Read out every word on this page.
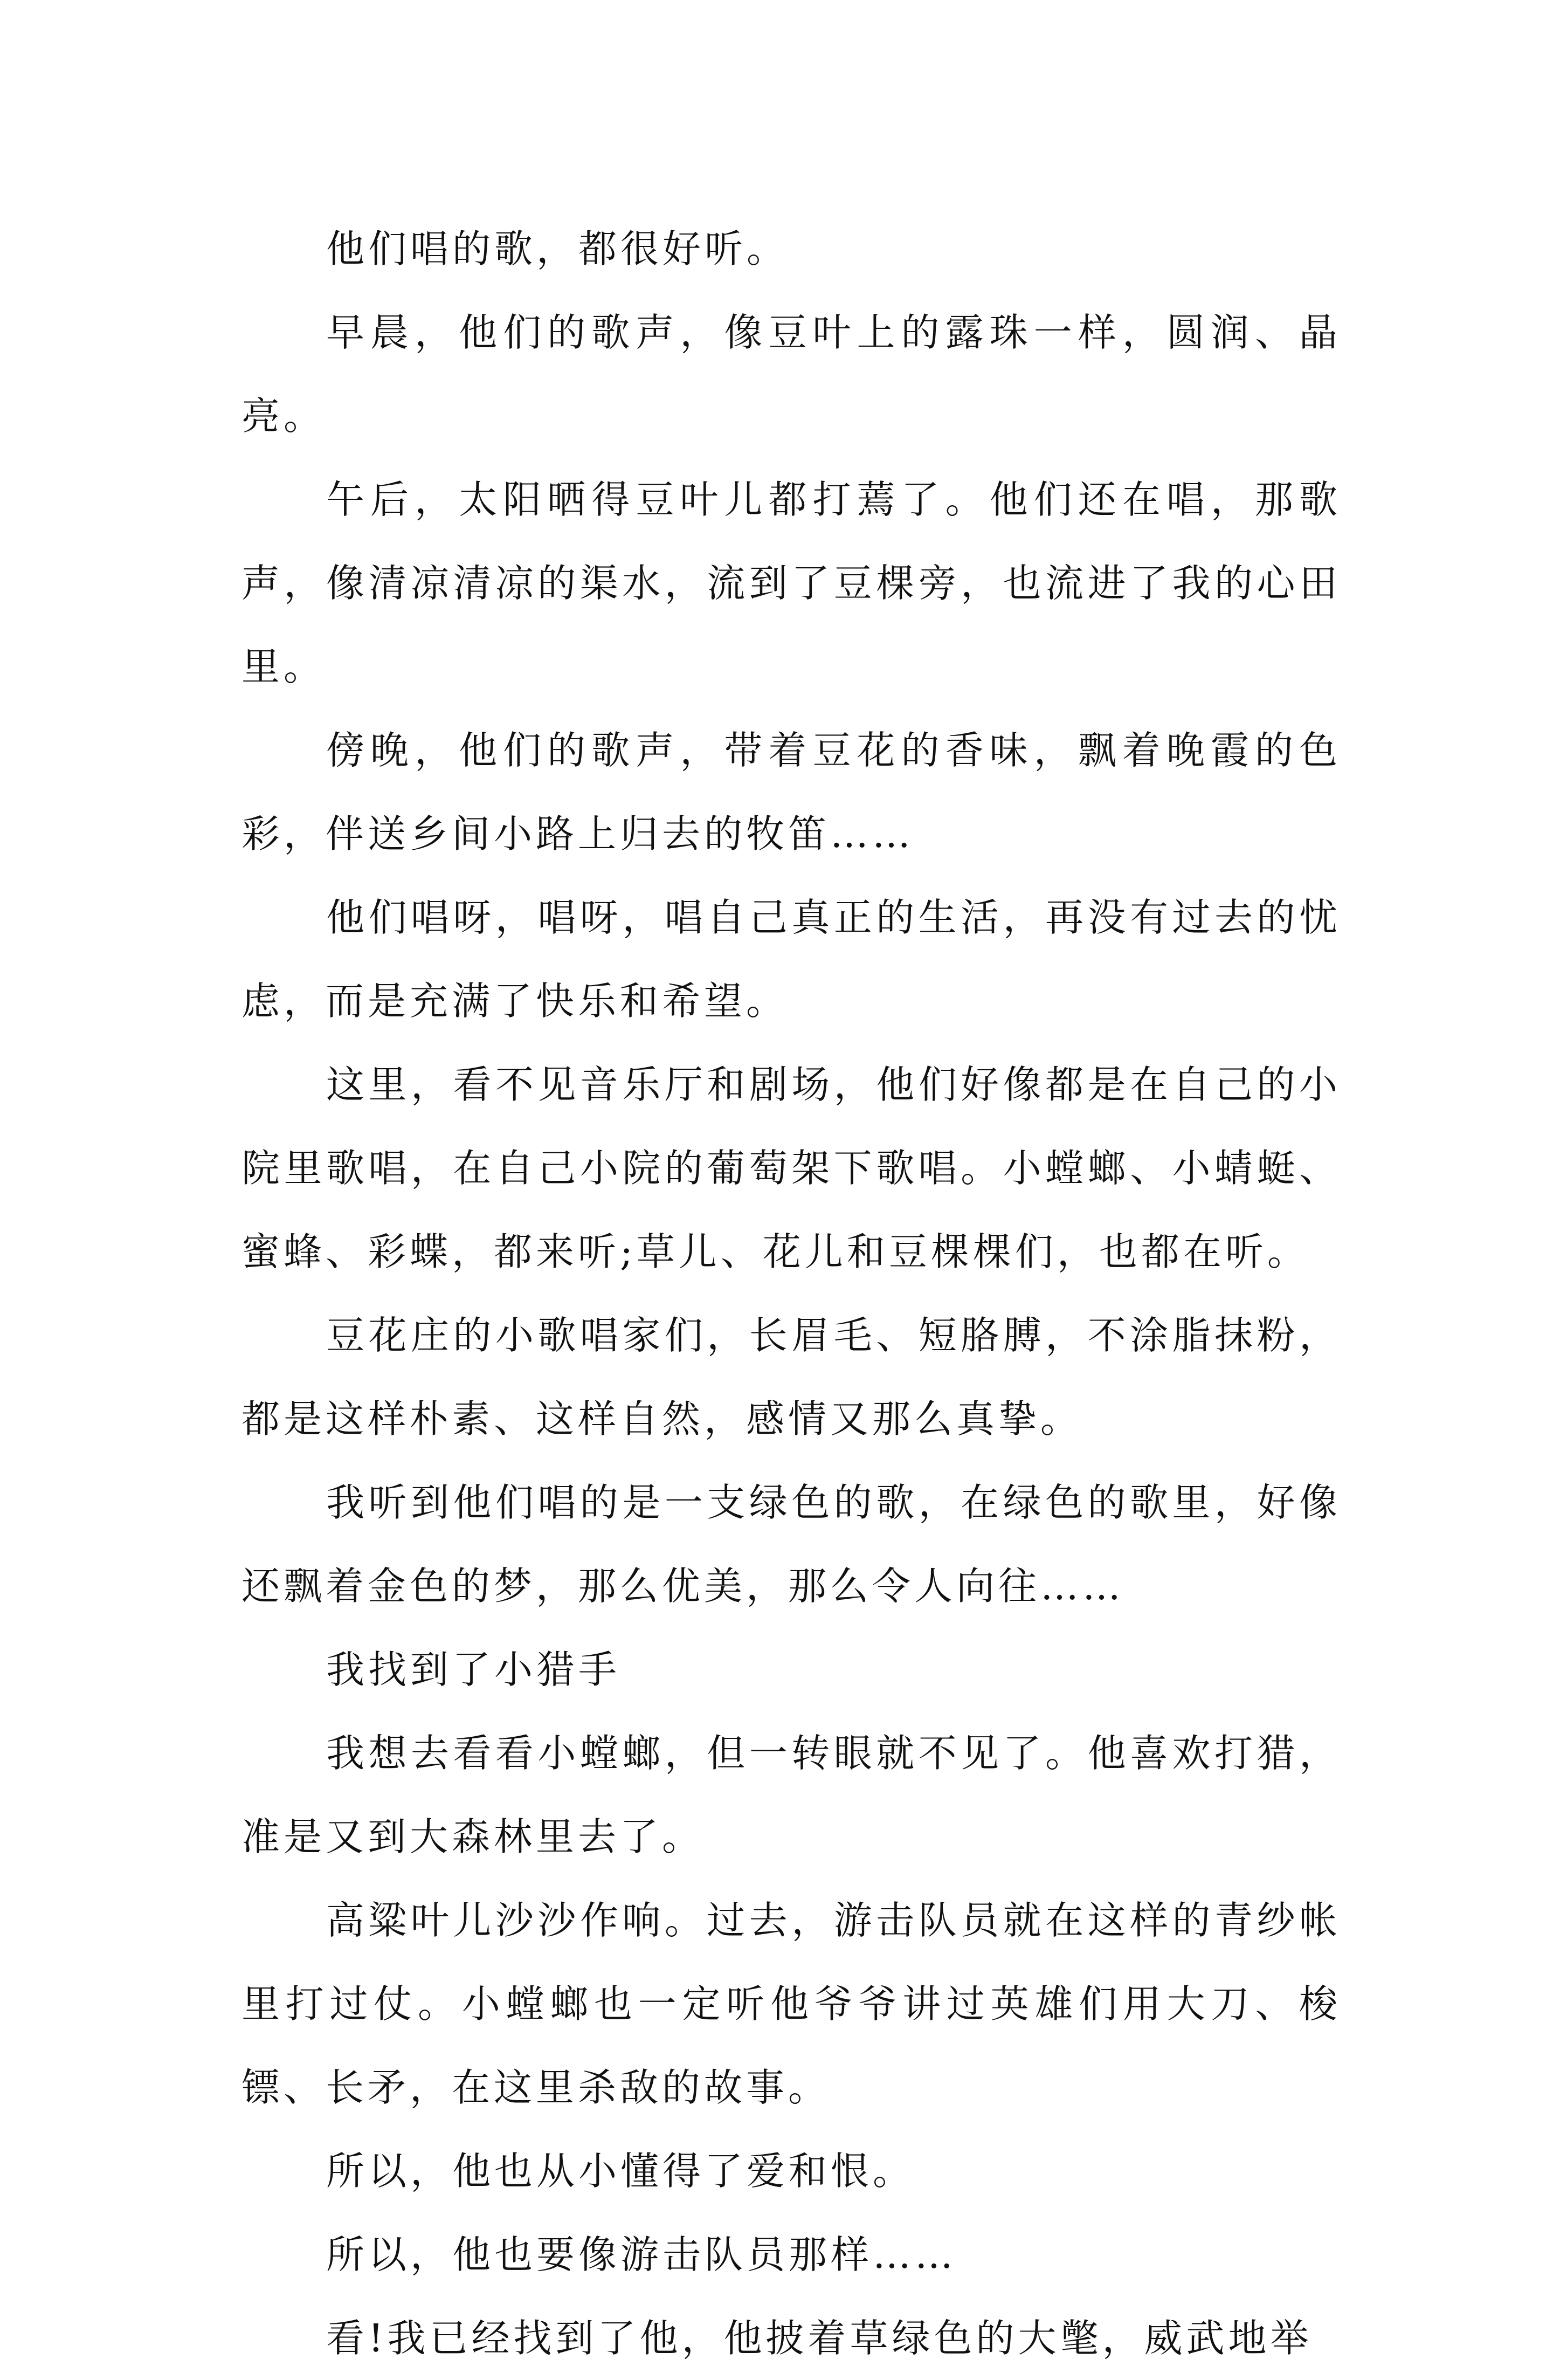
他们唱的歌，都很好听。

早晨，他们的歌声，像豆叶上的露珠一样，圆润、晶亮。

午后，太阳晒得豆叶儿都打蔫了。他们还在唱，那歌声，像清凉清凉的渠水，流到了豆棵旁，也流进了我的心田里。

傍晚，他们的歌声，带着豆花的香味，飘着晚霞的色彩，伴送乡间小路上归去的牧笛……

他们唱呀，唱呀，唱自己真正的生活，再没有过去的忧虑，而是充满了快乐和希望。

这里，看不见音乐厅和剧场，他们好像都是在自己的小院里歌唱，在自己小院的葡萄架下歌唱。小螳螂、小蜻蜓、蜜蜂、彩蝶，都来听;草儿、花儿和豆棵棵们，也都在听。

豆花庄的小歌唱家们，长眉毛、短胳膊，不涂脂抹粉，都是这样朴素、这样自然，感情又那么真挚。

我听到他们唱的是一支绿色的歌，在绿色的歌里，好像还飘着金色的梦，那么优美，那么令人向往……

我找到了小猎手

我想去看看小螳螂，但一转眼就不见了。他喜欢打猎，准是又到大森林里去了。

高粱叶儿沙沙作响。过去，游击队员就在这样的青纱帐里打过仗。小螳螂也一定听他爷爷讲过英雄们用大刀、梭镖、长矛，在这里杀敌的故事。

所以，他也从小懂得了爱和恨。

所以，他也要像游击队员那样……

看!我已经找到了他，他披着草绿色的大氅，威武地举
